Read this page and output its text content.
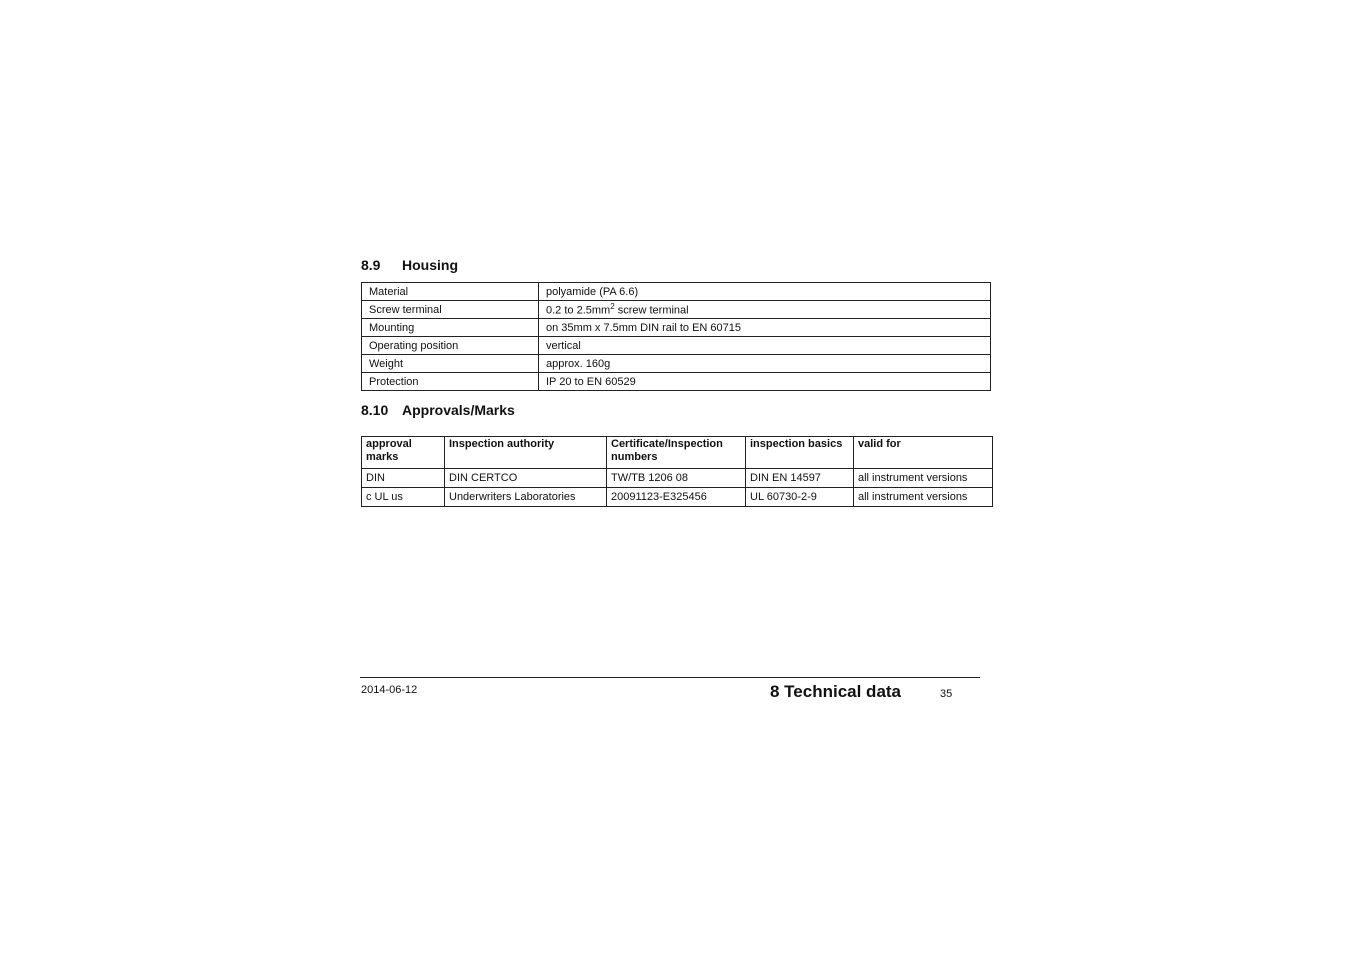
8.9	Housing
Material	polyamide (PA 6.6)
Screw terminal	0.2 to $2.5mm^2$ screw terminal
Mounting	on 35mm x 7.5mm DIN rail to EN 60715
Operating position	vertical
Weight	approx. 160g
Protection	IP 20 to EN 60529
8.10 Approvals/Marks
approval marks	Inspection authority	Certificate/Inspection numbers	inspection basics	valid for
DIN	DIN CERTCO	TW/TB 1206 08	DIN EN 14597	all instrument versions
c UL us	Underwriters Laboratories	20091123-E325456	UL 60730-2-9	all instrument versions
2014-06-12	8 Technical data	35
